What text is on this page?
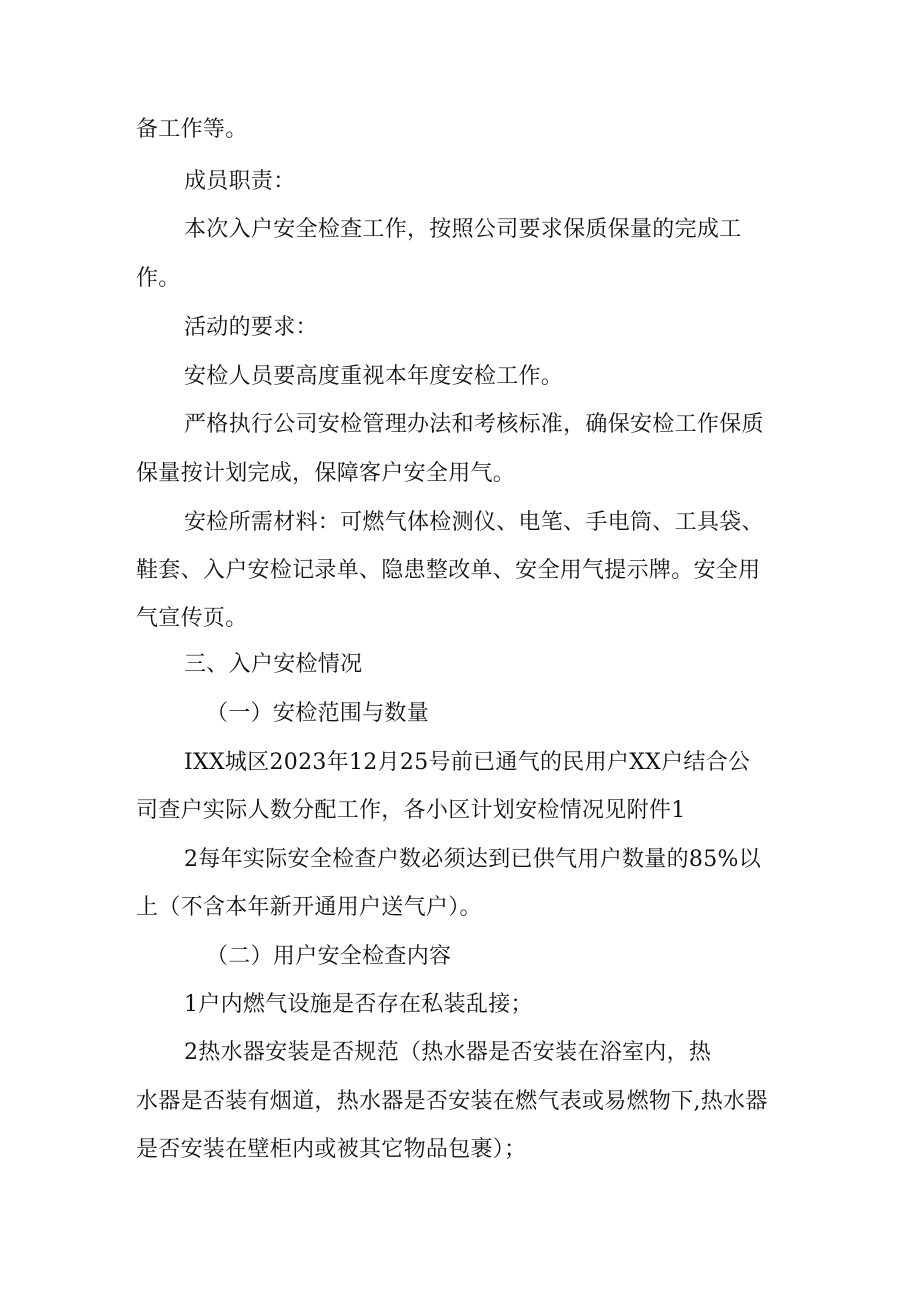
备工作等。
成员职责：
本次入户安全检查工作，按照公司要求保质保量的完成工
作。
活动的要求：
安检人员要高度重视本年度安检工作。
严格执行公司安检管理办法和考核标准，确保安检工作保质
保量按计划完成，保障客户安全用气。
安检所需材料：可燃气体检测仪、电笔、手电筒、工具袋、
鞋套、入户安检记录单、隐患整改单、安全用气提示牌。安全用
气宣传页。
三、入户安检情况
（一）安检范围与数量
IXX城区2023年12月25号前已通气的民用户XX户结合公
司查户实际人数分配工作，各小区计划安检情况见附件1
2每年实际安全检查户数必须达到已供气用户数量的85%以
上（不含本年新开通用户送气户）。
（二）用户安全检查内容
1户内燃气设施是否存在私装乱接；
2热水器安装是否规范（热水器是否安装在浴室内，热
水器是否装有烟道，热水器是否安装在燃气表或易燃物下,热水器
是否安装在壁柜内或被其它物品包裹）；
